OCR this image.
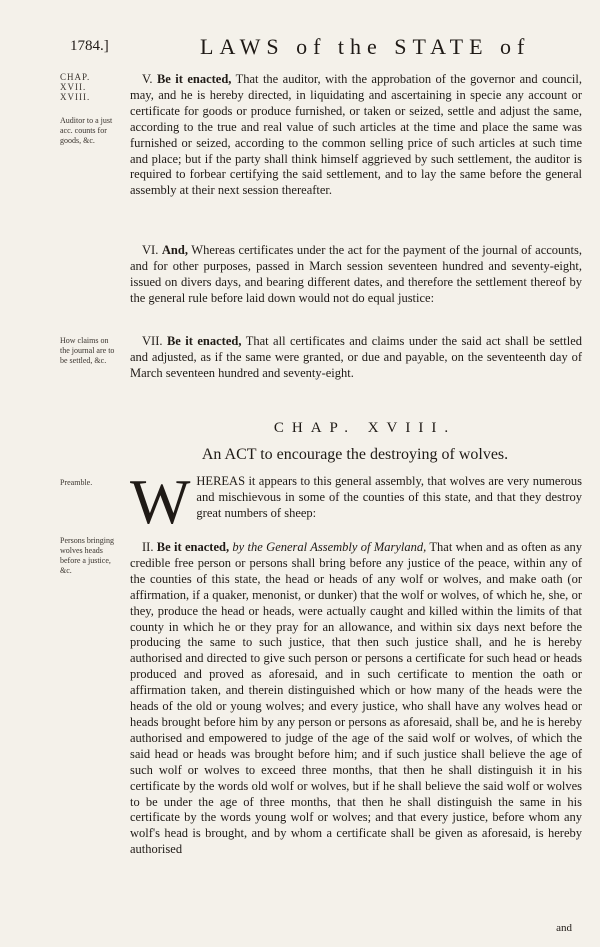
1784.]	LAWS of the STATE of
CHAP. XVII. XVIII.
Auditor to a just acc. counts for goods, &c.

V. Be it enacted, That the auditor, with the approbation of the governor and council, may, and he is hereby directed, in liquidating and ascertaining in specie any account or certificate for goods or produce furnished, or taken or seized, settle and adjust the same, according to the true and real value of such articles at the time and place the same was furnished or seized, according to the common selling price of such articles at such time and place; but if the party shall think himself aggrieved by such settlement, the auditor is required to forbear certifying the said settlement, and to lay the same before the general assembly at their next session thereafter.

VI. And, Whereas certificates under the act for the payment of the journal of accounts, and for other purposes, passed in March session seventeen hundred and seventy-eight, issued on divers days, and bearing different dates, and therefore the settlement thereof by the general rule before laid down would not do equal justice:

How claims on the journal are to be settled, &c.

VII. Be it enacted, That all certificates and claims under the said act shall be settled and adjusted, as if the same were granted, or due and payable, on the seventeenth day of March seventeen hundred and seventy-eight.

CHAP. XVIII.
An ACT to encourage the destroying of wolves.
Preamble. WHEREAS it appears to this general assembly, that wolves are very numerous and mischievous in some of the counties of this state, and that they destroy great numbers of sheep:

Persons bringing wolves heads before a justice, &c.

II. Be it enacted, by the General Assembly of Maryland, That when and as often as any credible free person or persons shall bring before any justice of the peace, within any of the counties of this state, the head or heads of any wolf or wolves, and make oath (or affirmation, if a quaker, menonist, or dunker) that the wolf or wolves, of which he, she, or they, produce the head or heads, were actually caught and killed within the limits of that county in which he or they pray for an allowance, and within six days next before the producing the same to such justice, that then such justice shall, and he is hereby authorised and directed to give such person or persons a certificate for such head or heads produced and proved as aforesaid, and in such certificate to mention the oath or affirmation taken, and therein distinguished which or how many of the heads were the heads of the old or young wolves; and every justice, who shall have any wolves head or heads brought before him by any person or persons as aforesaid, shall be, and he is hereby authorised and empowered to judge of the age of the said wolf or wolves, of which the said head or heads was brought before him; and if such justice shall believe the age of such wolf or wolves to exceed three months, that then he shall distinguish it in his certificate by the words old wolf or wolves, but if he shall believe the said wolf or wolves to be under the age of three months, that then he shall distinguish the same in his certificate by the words young wolf or wolves; and that every justice, before whom any wolf's head is brought, and by whom a certificate shall be given as aforesaid, is hereby authorised

and
